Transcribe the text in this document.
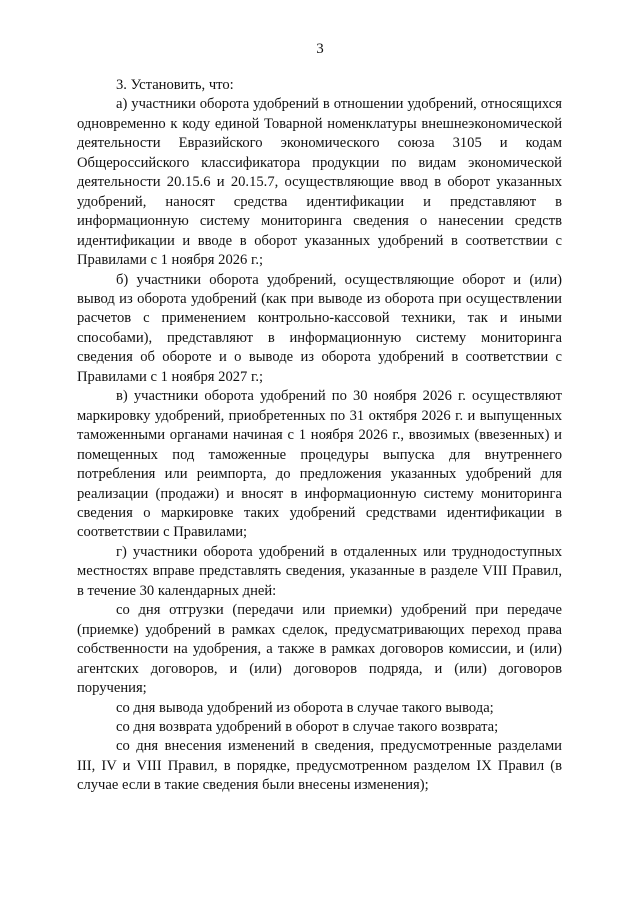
3

3. Установить, что:

а) участники оборота удобрений в отношении удобрений, относящихся одновременно к коду единой Товарной номенклатуры внешнеэкономической деятельности Евразийского экономического союза 3105 и кодам Общероссийского классификатора продукции по видам экономической деятельности 20.15.6 и 20.15.7, осуществляющие ввод в оборот указанных удобрений, наносят средства идентификации и представляют в информационную систему мониторинга сведения о нанесении средств идентификации и вводе в оборот указанных удобрений в соответствии с Правилами с 1 ноября 2026 г.;

б) участники оборота удобрений, осуществляющие оборот и (или) вывод из оборота удобрений (как при выводе из оборота при осуществлении расчетов с применением контрольно-кассовой техники, так и иными способами), представляют в информационную систему мониторинга сведения об обороте и о выводе из оборота удобрений в соответствии с Правилами с 1 ноября 2027 г.;

в) участники оборота удобрений по 30 ноября 2026 г. осуществляют маркировку удобрений, приобретенных по 31 октября 2026 г. и выпущенных таможенными органами начиная с 1 ноября 2026 г., ввозимых (ввезенных) и помещенных под таможенные процедуры выпуска для внутреннего потребления или реимпорта, до предложения указанных удобрений для реализации (продажи) и вносят в информационную систему мониторинга сведения о маркировке таких удобрений средствами идентификации в соответствии с Правилами;

г) участники оборота удобрений в отдаленных или труднодоступных местностях вправе представлять сведения, указанные в разделе VIII Правил, в течение 30 календарных дней:

со дня отгрузки (передачи или приемки) удобрений при передаче (приемке) удобрений в рамках сделок, предусматривающих переход права собственности на удобрения, а также в рамках договоров комиссии, и (или) агентских договоров, и (или) договоров подряда, и (или) договоров поручения;

со дня вывода удобрений из оборота в случае такого вывода;

со дня возврата удобрений в оборот в случае такого возврата;

со дня внесения изменений в сведения, предусмотренные разделами III, IV и VIII Правил, в порядке, предусмотренном разделом IX Правил (в случае если в такие сведения были внесены изменения);
